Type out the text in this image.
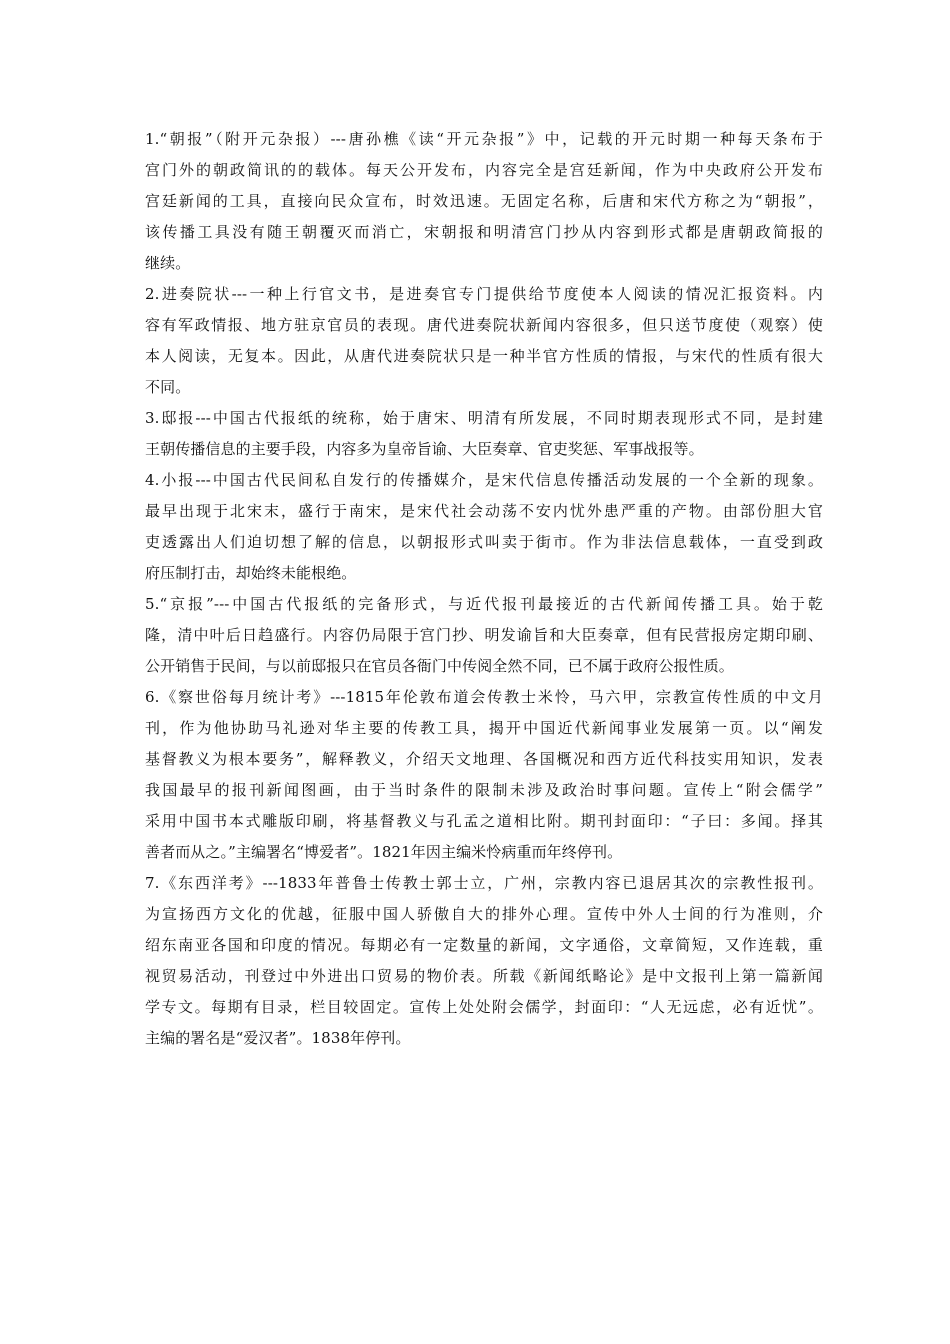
1.“朝报”（附开元杂报）---唐孙樵《读“开元杂报”》中，记载的开元时期一种每天条布于
宫门外的朝政简讯的的载体。每天公开发布，内容完全是宫廷新闻，作为中央政府公开发布
宫廷新闻的工具，直接向民众宣布，时效迅速。无固定名称，后唐和宋代方称之为“朝报”，
该传播工具没有随王朝覆灭而消亡，宋朝报和明清宫门抄从内容到形式都是唐朝政简报的
继续。
2.进奏院状---一种上行官文书，是进奏官专门提供给节度使本人阅读的情况汇报资料。内
容有军政情报、地方驻京官员的表现。唐代进奏院状新闻内容很多，但只送节度使（观察）使
本人阅读，无复本。因此，从唐代进奏院状只是一种半官方性质的情报，与宋代的性质有很大
不同。
3.邸报---中国古代报纸的统称，始于唐宋、明清有所发展，不同时期表现形式不同，是封建
王朝传播信息的主要手段，内容多为皇帝旨谕、大臣奏章、官吏奖惩、军事战报等。
4.小报---中国古代民间私自发行的传播媒介，是宋代信息传播活动发展的一个全新的现象。
最早出现于北宋末，盛行于南宋，是宋代社会动荡不安内忧外患严重的产物。由部份胆大官
吏透露出人们迫切想了解的信息，以朝报形式叫卖于街市。作为非法信息载体，一直受到政
府压制打击，却始终未能根绝。
5.“京报”---中国古代报纸的完备形式，与近代报刊最接近的古代新闻传播工具。始于乾
隆，清中叶后日趋盛行。内容仍局限于宫门抄、明发谕旨和大臣奏章，但有民营报房定期印刷、
公开销售于民间，与以前邸报只在官员各衙门中传阅全然不同，已不属于政府公报性质。
6.《察世俗每月统计考》---1815年伦敦布道会传教士米怜，马六甲，宗教宣传性质的中文月
刊，作为他协助马礼逊对华主要的传教工具，揭开中国近代新闻事业发展第一页。以“阐发
基督教义为根本要务”，解释教义，介绍天文地理、各国概况和西方近代科技实用知识，发表
我国最早的报刊新闻图画，由于当时条件的限制未涉及政治时事问题。宣传上“附会儒学”
采用中国书本式雕版印刷，将基督教义与孔孟之道相比附。期刊封面印：“子曰：多闻。择其
善者而从之。”主编署名“博爱者”。1821年因主编米怜病重而年终停刊。
7.《东西洋考》---1833年普鲁士传教士郭士立，广州，宗教内容已退居其次的宗教性报刊。
为宣扬西方文化的优越，征服中国人骄傲自大的排外心理。宣传中外人士间的行为准则，介
绍东南亚各国和印度的情况。每期必有一定数量的新闻，文字通俗，文章简短，又作连载，重
视贸易活动，刊登过中外进出口贸易的物价表。所载《新闻纸略论》是中文报刊上第一篇新闻
学专文。每期有目录，栏目较固定。宣传上处处附会儒学，封面印：“人无远虑，必有近忧”。
主编的署名是“爱汉者”。1838年停刊。
